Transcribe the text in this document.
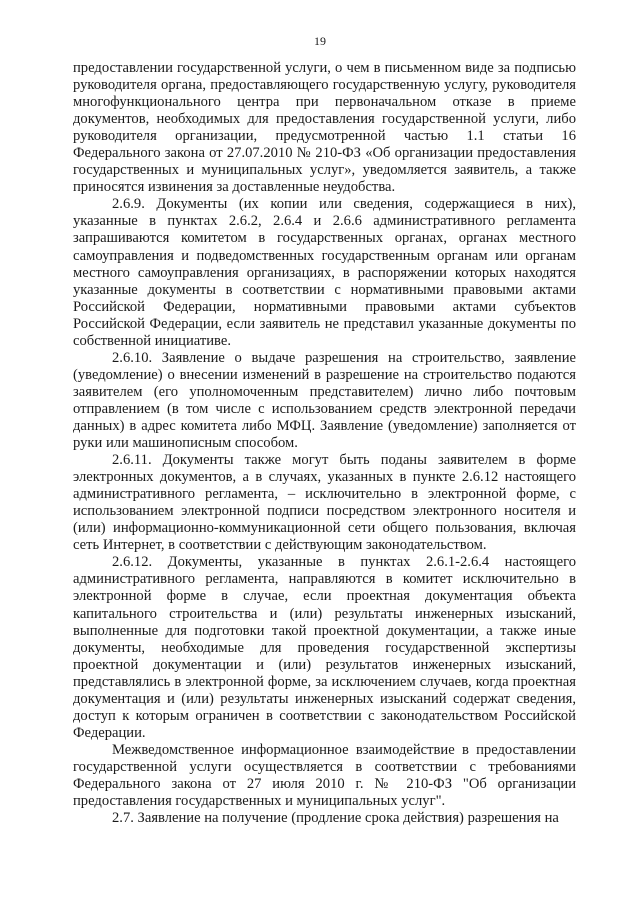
19

предоставлении государственной услуги, о чем в письменном виде за подписью руководителя органа, предоставляющего государственную услугу, руководителя многофункционального центра при первоначальном отказе в приеме документов, необходимых для предоставления государственной услуги, либо руководителя организации, предусмотренной частью 1.1 статьи 16 Федерального закона от 27.07.2010 № 210-ФЗ «Об организации предоставления государственных и муниципальных услуг», уведомляется заявитель, а также приносятся извинения за доставленные неудобства.

2.6.9. Документы (их копии или сведения, содержащиеся в них), указанные в пунктах 2.6.2, 2.6.4 и 2.6.6 административного регламента запрашиваются комитетом в государственных органах, органах местного самоуправления и подведомственных государственным органам или органам местного самоуправления организациях, в распоряжении которых находятся указанные документы в соответствии с нормативными правовыми актами Российской Федерации, нормативными правовыми актами субъектов Российской Федерации, если заявитель не представил указанные документы по собственной инициативе.

2.6.10. Заявление о выдаче разрешения на строительство, заявление (уведомление) о внесении изменений в разрешение на строительство подаются заявителем (его уполномоченным представителем) лично либо почтовым отправлением (в том числе с использованием средств электронной передачи данных) в адрес комитета либо МФЦ. Заявление (уведомление) заполняется от руки или машинописным способом.

2.6.11. Документы также могут быть поданы заявителем в форме электронных документов, а в случаях, указанных в пункте 2.6.12 настоящего административного регламента, – исключительно в электронной форме, с использованием электронной подписи посредством электронного носителя и (или) информационно-коммуникационной сети общего пользования, включая сеть Интернет, в соответствии с действующим законодательством.

2.6.12. Документы, указанные в пунктах 2.6.1-2.6.4 настоящего административного регламента, направляются в комитет исключительно в электронной форме в случае, если проектная документация объекта капитального строительства и (или) результаты инженерных изысканий, выполненные для подготовки такой проектной документации, а также иные документы, необходимые для проведения государственной экспертизы проектной документации и (или) результатов инженерных изысканий, представлялись в электронной форме, за исключением случаев, когда проектная документация и (или) результаты инженерных изысканий содержат сведения, доступ к которым ограничен в соответствии с законодательством Российской Федерации.

Межведомственное информационное взаимодействие в предоставлении государственной услуги осуществляется в соответствии с требованиями Федерального закона от 27 июля 2010 г. № 210-ФЗ "Об организации предоставления государственных и муниципальных услуг".

2.7. Заявление на получение (продление срока действия) разрешения на
